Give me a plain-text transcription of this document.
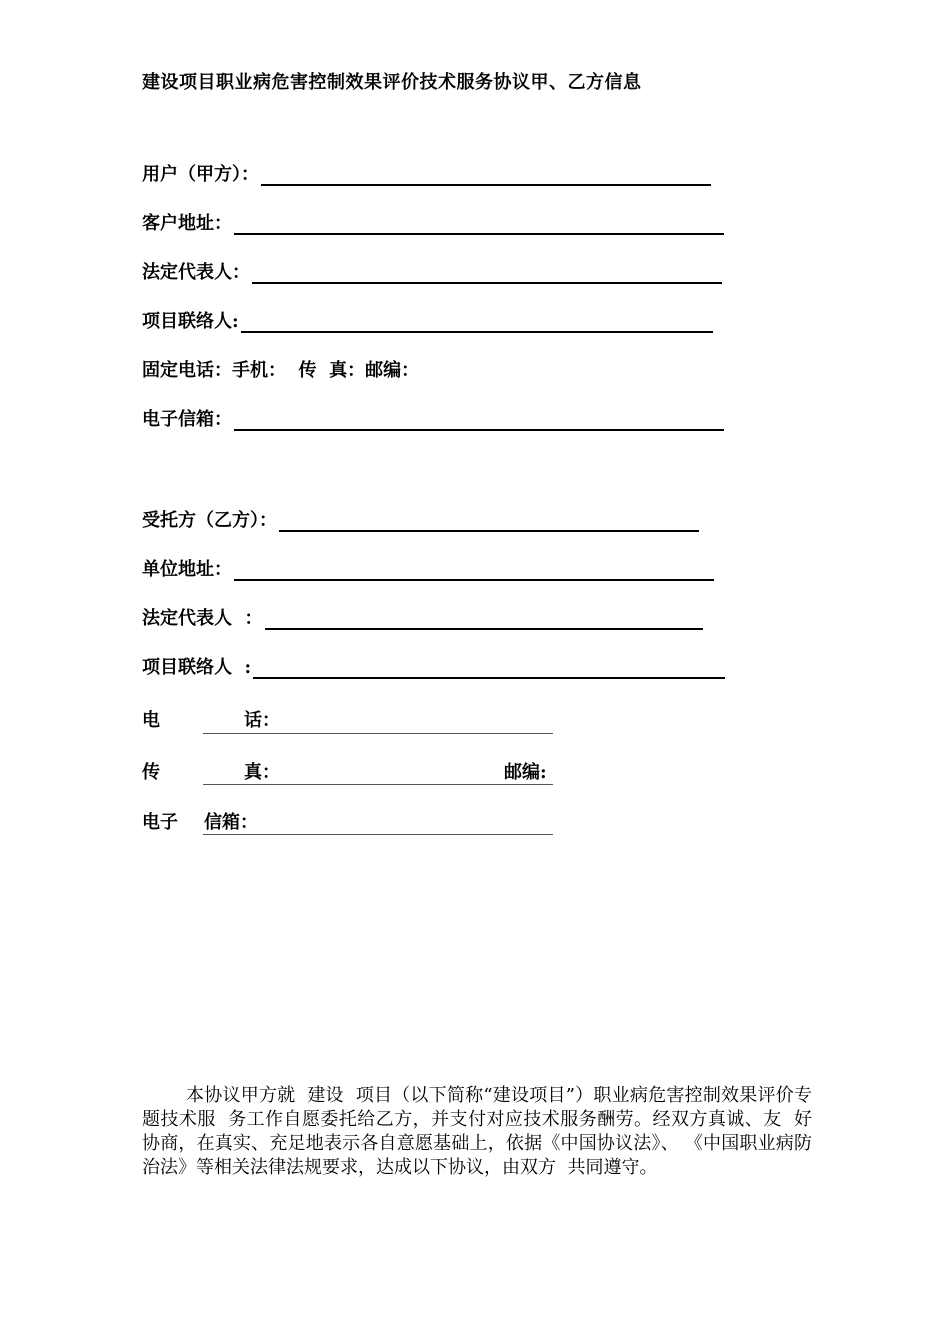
建设项目职业病危害控制效果评价技术服务协议甲、乙方信息
用户（甲方）：
客户地址：
法定代表人：
项目联络人:
固定电话：手机：  传  真：邮编：
电子信箱：
受托方（乙方）：
单位地址：
法定代表人  ：
项目联络人  :
电	话：
传	真：	邮编:
电子 信箱：
本协议甲方就  建设  项目（以下简称“建设项目”）职业病危害控制效果评价专题技术服  务工作自愿委托给乙方，并支付对应技术服务酬劳。经双方真诚、友  好协商，在真实、充足地表示各自意愿基础上，依据《中国协议法》、 《中国职业病防治法》等相关法律法规要求，达成以下协议，由双方  共同遵守。
